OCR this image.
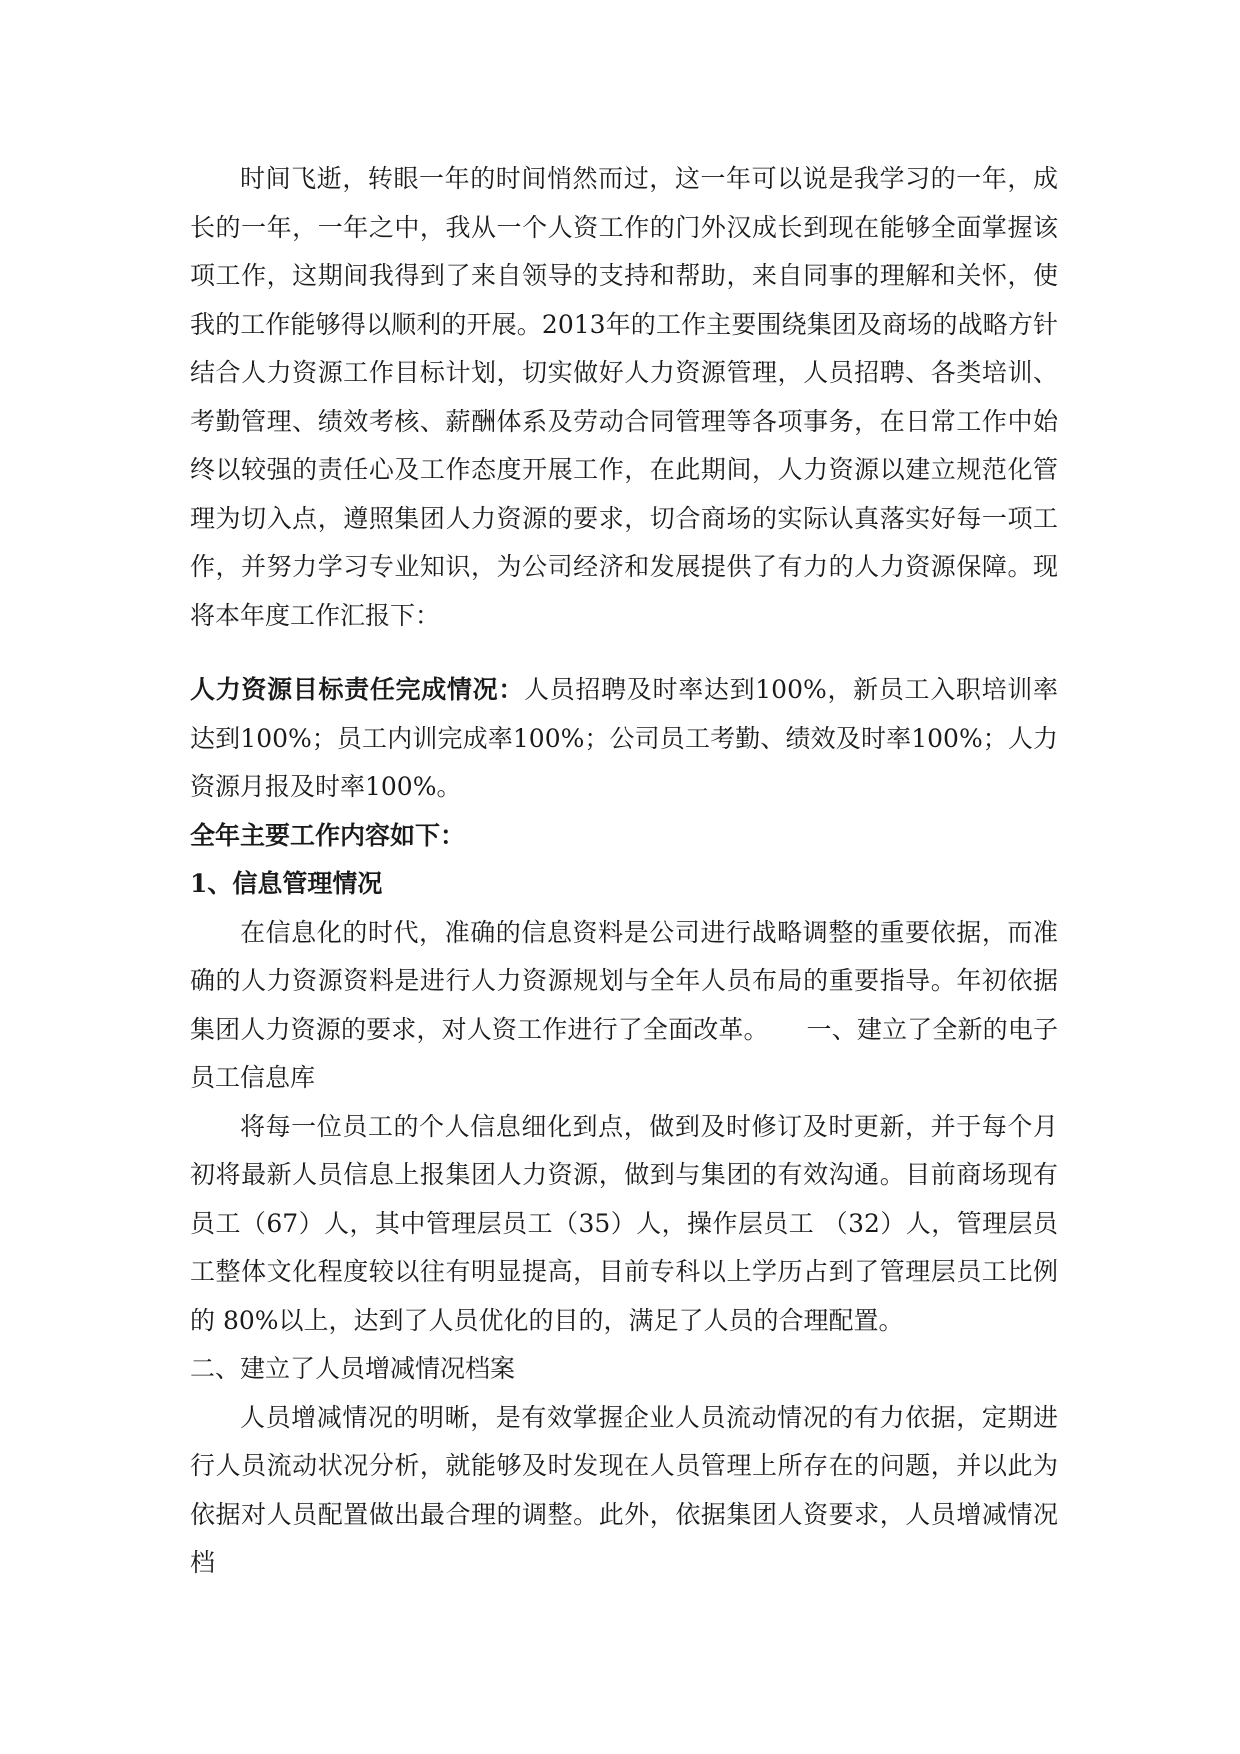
时间飞逝，转眼一年的时间悄然而过，这一年可以说是我学习的一年，成长的一年，一年之中，我从一个人资工作的门外汉成长到现在能够全面掌握该项工作，这期间我得到了来自领导的支持和帮助，来自同事的理解和关怀，使我的工作能够得以顺利的开展。2013年的工作主要围绕集团及商场的战略方针结合人力资源工作目标计划，切实做好人力资源管理，人员招聘、各类培训、考勤管理、绩效考核、薪酬体系及劳动合同管理等各项事务，在日常工作中始终以较强的责任心及工作态度开展工作，在此期间，人力资源以建立规范化管理为切入点，遵照集团人力资源的要求，切合商场的实际认真落实好每一项工作，并努力学习专业知识，为公司经济和发展提供了有力的人力资源保障。现将本年度工作汇报下：

人力资源目标责任完成情况：人员招聘及时率达到100%，新员工入职培训率达到100%；员工内训完成率100%；公司员工考勤、绩效及时率100%；人力资源月报及时率100%。

全年主要工作内容如下：

1、信息管理情况

在信息化的时代，准确的信息资料是公司进行战略调整的重要依据，而准确的人力资源资料是进行人力资源规划与全年人员布局的重要指导。年初依据集团人力资源的要求，对人资工作进行了全面改革。　　一、建立了全新的电子员工信息库

将每一位员工的个人信息细化到点，做到及时修订及时更新，并于每个月初将最新人员信息上报集团人力资源，做到与集团的有效沟通。目前商场现有员工（67）人，其中管理层员工（35）人，操作层员工 （32）人，管理层员工整体文化程度较以往有明显提高，目前专科以上学历占到了管理层员工比例的 80%以上，达到了人员优化的目的，满足了人员的合理配置。

二、建立了人员增减情况档案

人员增减情况的明晰，是有效掌握企业人员流动情况的有力依据，定期进行人员流动状况分析，就能够及时发现在人员管理上所存在的问题，并以此为依据对人员配置做出最合理的调整。此外，依据集团人资要求，人员增减情况档
